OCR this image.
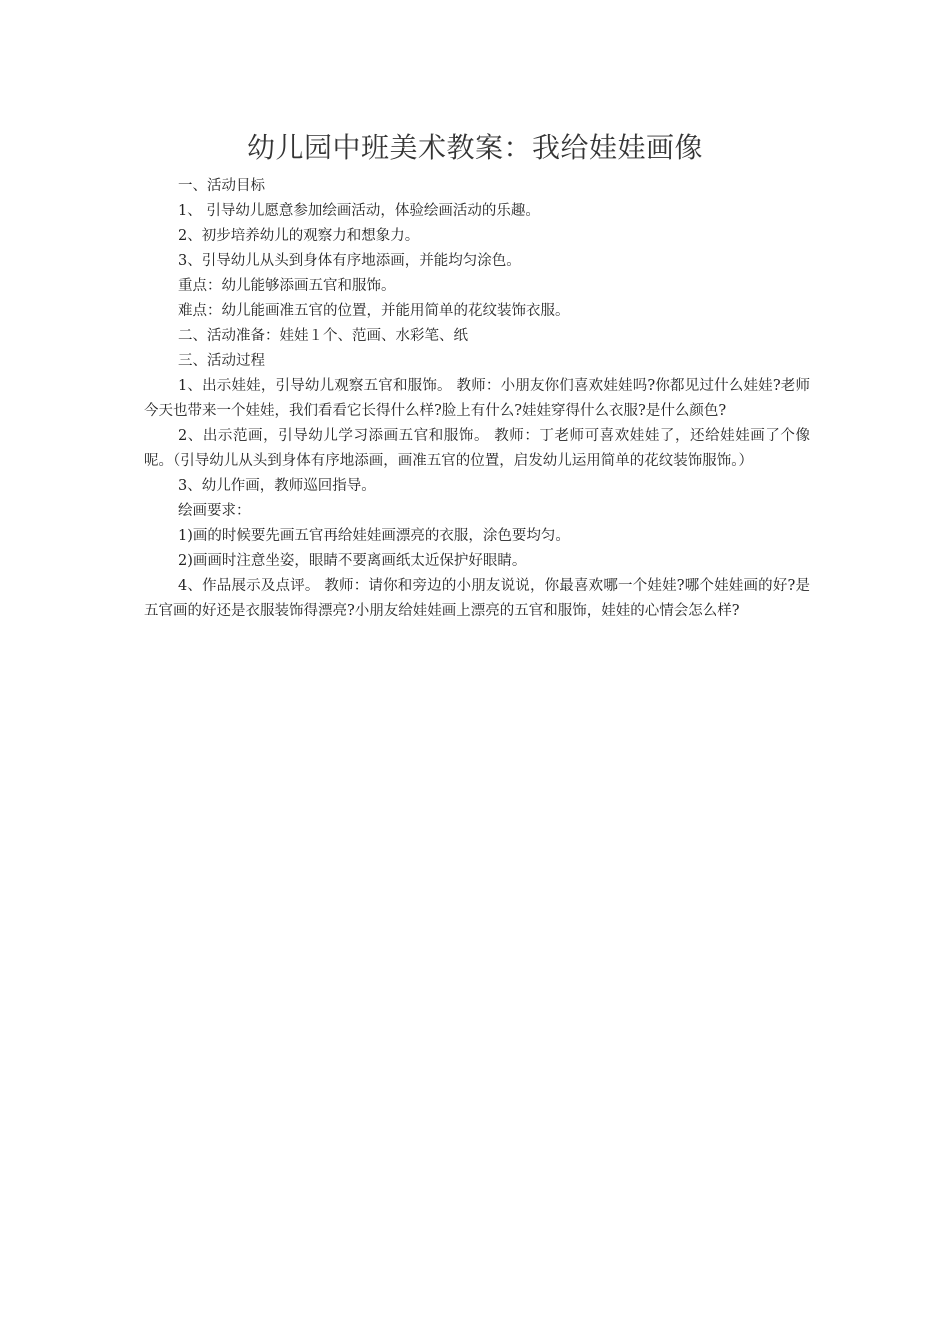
幼儿园中班美术教案：我给娃娃画像

一、活动目标

1、 引导幼儿愿意参加绘画活动，体验绘画活动的乐趣。

2、初步培养幼儿的观察力和想象力。

3、引导幼儿从头到身体有序地添画，并能均匀涂色。

重点：幼儿能够添画五官和服饰。

难点：幼儿能画准五官的位置，并能用简单的花纹装饰衣服。

二、活动准备：娃娃１个、范画、水彩笔、纸

三、活动过程

1、出示娃娃，引导幼儿观察五官和服饰。 教师：小朋友你们喜欢娃娃吗?你都见过什么娃娃?老师今天也带来一个娃娃，我们看看它长得什么样?脸上有什么?娃娃穿得什么衣服?是什么颜色?

2、出示范画，引导幼儿学习添画五官和服饰。 教师：丁老师可喜欢娃娃了，还给娃娃画了个像呢。（引导幼儿从头到身体有序地添画，画准五官的位置，启发幼儿运用简单的花纹装饰服饰。）

3、幼儿作画，教师巡回指导。

绘画要求：

1)画的时候要先画五官再给娃娃画漂亮的衣服，涂色要均匀。

2)画画时注意坐姿，眼睛不要离画纸太近保护好眼睛。

4、作品展示及点评。 教师：请你和旁边的小朋友说说，你最喜欢哪一个娃娃?哪个娃娃画的好?是五官画的好还是衣服装饰得漂亮?小朋友给娃娃画上漂亮的五官和服饰，娃娃的心情会怎么样?
